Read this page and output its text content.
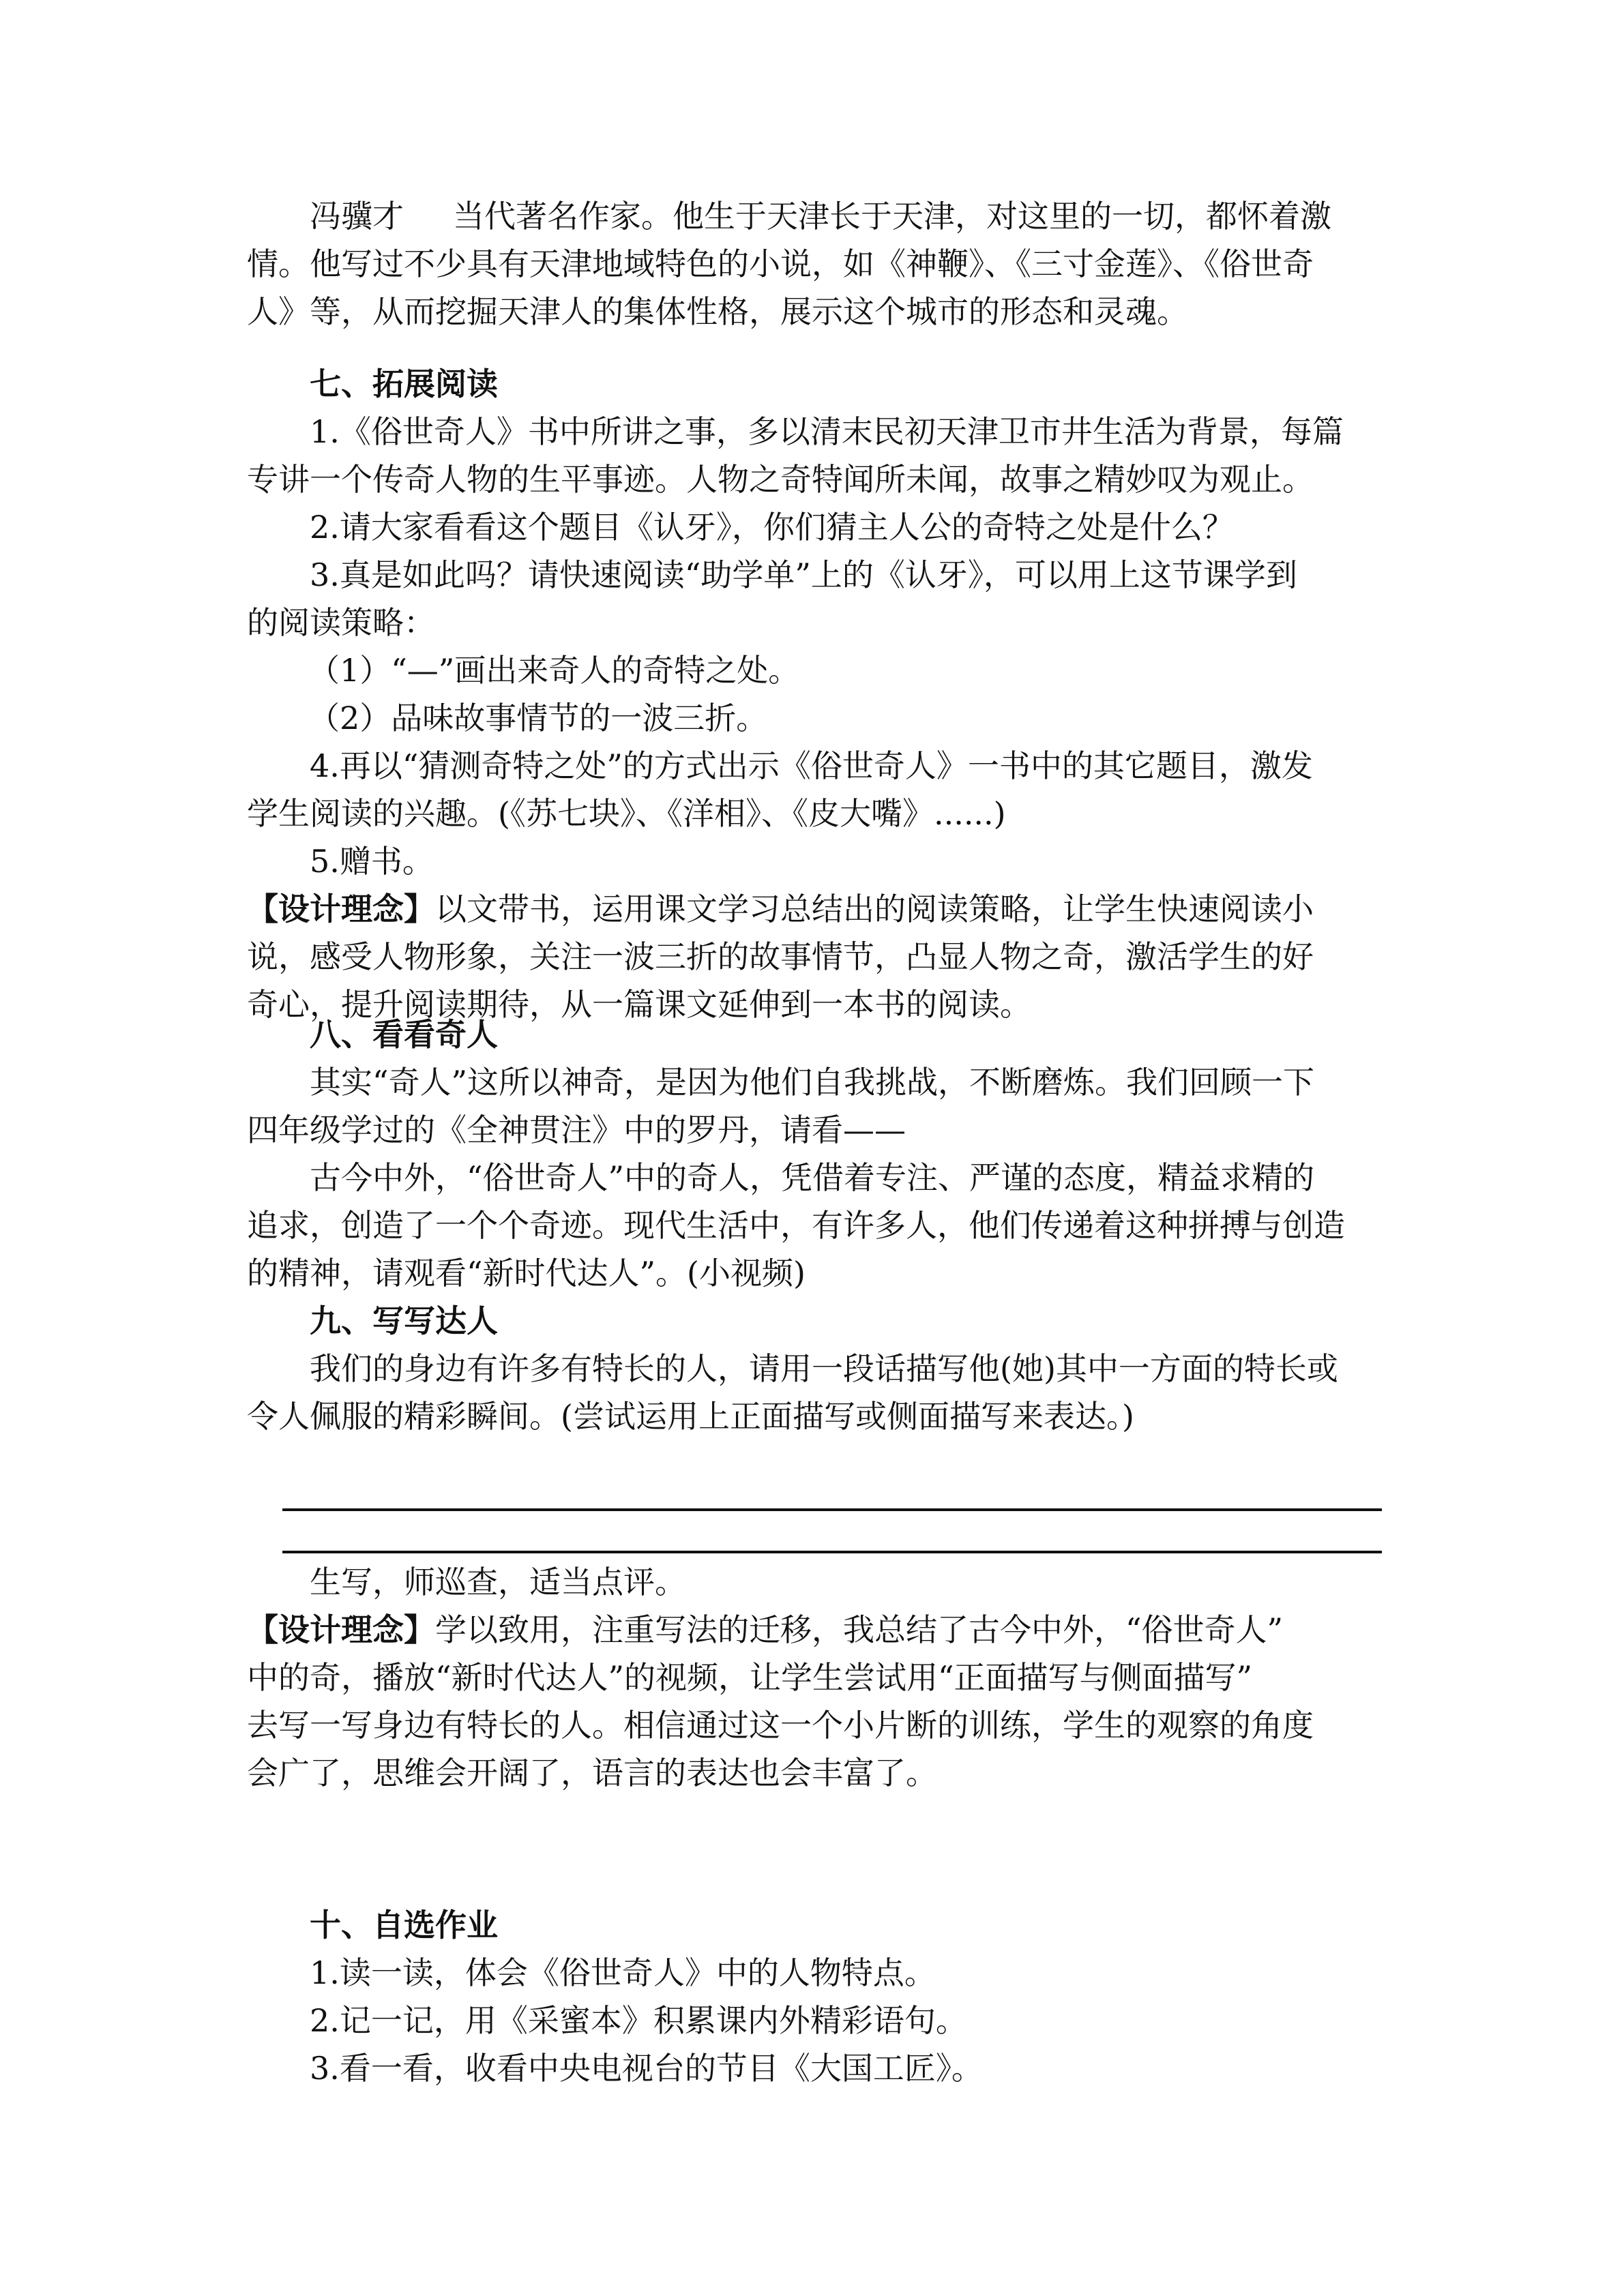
冯骥才 当代著名作家。他生于天津长于天津，对这里的一切，都怀着激

情。他写过不少具有天津地域特色的小说，如《神鞭》、《三寸金莲》、《俗世奇

人》等，从而挖掘天津人的集体性格，展示这个城市的形态和灵魂。

七、拓展阅读

1.《俗世奇人》书中所讲之事，多以清末民初天津卫市井生活为背景，每篇

专讲一个传奇人物的生平事迹。人物之奇特闻所未闻，故事之精妙叹为观止。

2.请大家看看这个题目《认牙》，你们猜主人公的奇特之处是什么？

3.真是如此吗？请快速阅读“助学单”上的《认牙》，可以用上这节课学到

的阅读策略：

（1）“—”画出来奇人的奇特之处。

（2）品味故事情节的一波三折。

4.再以“猜测奇特之处”的方式出示《俗世奇人》一书中的其它题目，激发

学生阅读的兴趣。(《苏七块》、《洋相》、《皮大嘴》......)

5.赠书。

【设计理念】以文带书，运用课文学习总结出的阅读策略，让学生快速阅读小

说，感受人物形象，关注一波三折的故事情节，凸显人物之奇，激活学生的好

奇心，提升阅读期待，从一篇课文延伸到一本书的阅读。

八、看看奇人

其实“奇人”这所以神奇，是因为他们自我挑战，不断磨炼。我们回顾一下

四年级学过的《全神贯注》中的罗丹，请看——

古今中外，“俗世奇人”中的奇人，凭借着专注、严谨的态度，精益求精的

追求，创造了一个个奇迹。现代生活中，有许多人，他们传递着这种拼搏与创造

的精神，请观看“新时代达人”。(小视频)

九、写写达人

我们的身边有许多有特长的人，请用一段话描写他(她)其中一方面的特长或

令人佩服的精彩瞬间。(尝试运用上正面描写或侧面描写来表达。)

生写，师巡查，适当点评。

【设计理念】学以致用，注重写法的迁移，我总结了古今中外，“俗世奇人”

中的奇，播放“新时代达人”的视频，让学生尝试用“正面描写与侧面描写”

去写一写身边有特长的人。相信通过这一个小片断的训练，学生的观察的角度

会广了，思维会开阔了，语言的表达也会丰富了。

十、自选作业

1.读一读，体会《俗世奇人》中的人物特点。

2.记一记，用《采蜜本》积累课内外精彩语句。

3.看一看，收看中央电视台的节目《大国工匠》。
